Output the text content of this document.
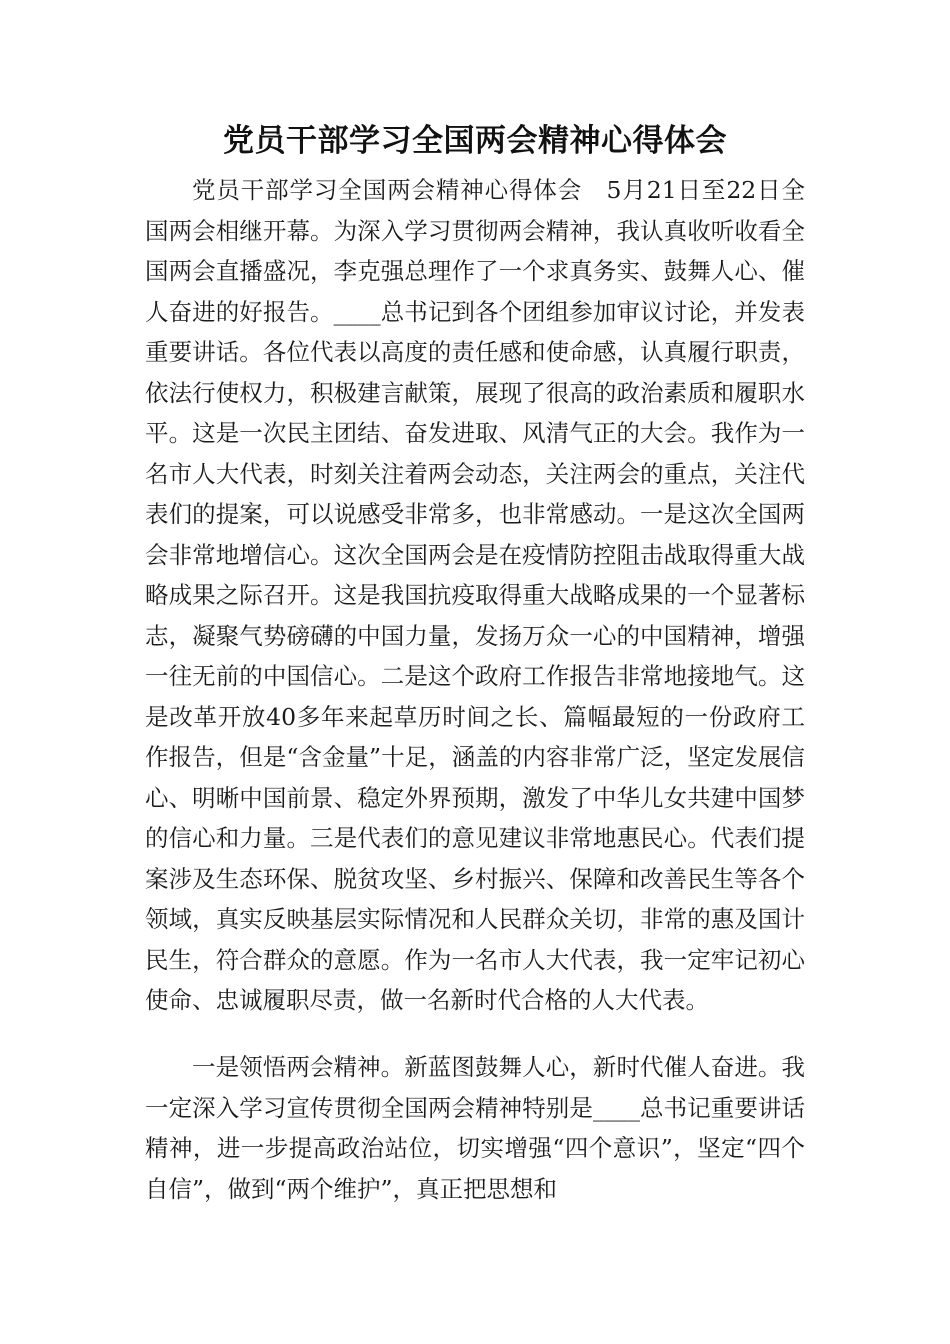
党员干部学习全国两会精神心得体会

党员干部学习全国两会精神心得体会　5月21日至22日全国两会相继开幕。为深入学习贯彻两会精神，我认真收听收看全国两会直播盛况，李克强总理作了一个求真务实、鼓舞人心、催人奋进的好报告。____总书记到各个团组参加审议讨论，并发表重要讲话。各位代表以高度的责任感和使命感，认真履行职责，依法行使权力，积极建言献策，展现了很高的政治素质和履职水平。这是一次民主团结、奋发进取、风清气正的大会。我作为一名市人大代表，时刻关注着两会动态，关注两会的重点，关注代表们的提案，可以说感受非常多，也非常感动。一是这次全国两会非常地增信心。这次全国两会是在疫情防控阻击战取得重大战略成果之际召开。这是我国抗疫取得重大战略成果的一个显著标志，凝聚气势磅礴的中国力量，发扬万众一心的中国精神，增强一往无前的中国信心。二是这个政府工作报告非常地接地气。这是改革开放40多年来起草历时间之长、篇幅最短的一份政府工作报告，但是“含金量”十足，涵盖的内容非常广泛，坚定发展信心、明晰中国前景、稳定外界预期，激发了中华儿女共建中国梦的信心和力量。三是代表们的意见建议非常地惠民心。代表们提案涉及生态环保、脱贫攻坚、乡村振兴、保障和改善民生等各个领域，真实反映基层实际情况和人民群众关切，非常的惠及国计民生，符合群众的意愿。作为一名市人大代表，我一定牢记初心使命、忠诚履职尽责，做一名新时代合格的人大代表。

一是领悟两会精神。新蓝图鼓舞人心，新时代催人奋进。我一定深入学习宣传贯彻全国两会精神特别是____总书记重要讲话精神，进一步提高政治站位，切实增强“四个意识”，坚定“四个自信”，做到“两个维护”，真正把思想和
